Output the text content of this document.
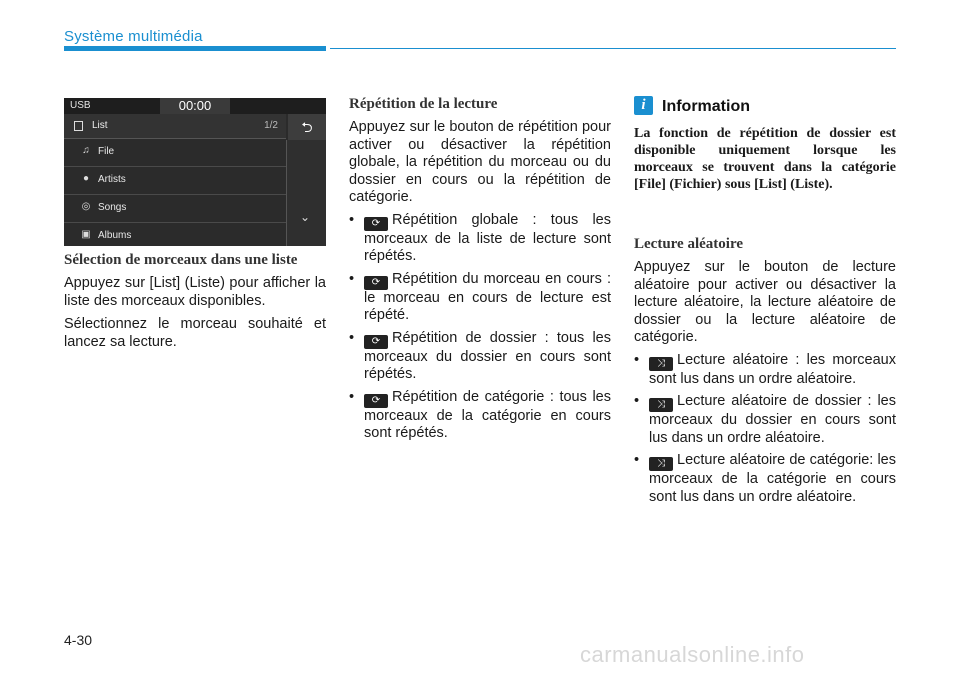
Système multimédia
USB	00:00
List	1/2	⮌
♫ File
● Artists
◎ Songs
▣ Albums
⌄
Sélection de morceaux dans une liste
Appuyez sur [List] (Liste) pour afficher la liste des morceaux disponibles.
Sélectionnez le morceau souhaité et lancez sa lecture.
Répétition de la lecture
Appuyez sur le bouton de répétition pour activer ou désactiver la répétition globale, la répétition du morceau ou du dossier en cours ou la répétition de catégorie.
• ⟳ Répétition globale : tous les morceaux de la liste de lecture sont répétés.
• ⟳ Répétition du morceau en cours : le morceau en cours de lecture est répété.
• ⟳ Répétition de dossier : tous les morceaux du dossier en cours sont répétés.
• ⟳ Répétition de catégorie : tous les morceaux de la catégorie en cours sont répétés.
i	Information
La fonction de répétition de dossier est disponible uniquement lorsque les morceaux se trouvent dans la catégorie [File] (Fichier) sous [List] (Liste).
Lecture aléatoire
Appuyez sur le bouton de lecture aléatoire pour activer ou désactiver la lecture aléatoire, la lecture aléatoire de dossier ou la lecture aléatoire de catégorie.
• ⤨ Lecture aléatoire : les morceaux sont lus dans un ordre aléatoire.
• ⤨ Lecture aléatoire de dossier : les morceaux du dossier en cours sont lus dans un ordre aléatoire.
• ⤨ Lecture aléatoire de catégorie: les morceaux de la catégorie en cours sont lus dans un ordre aléatoire.
4-30
carmanualsonline.info
